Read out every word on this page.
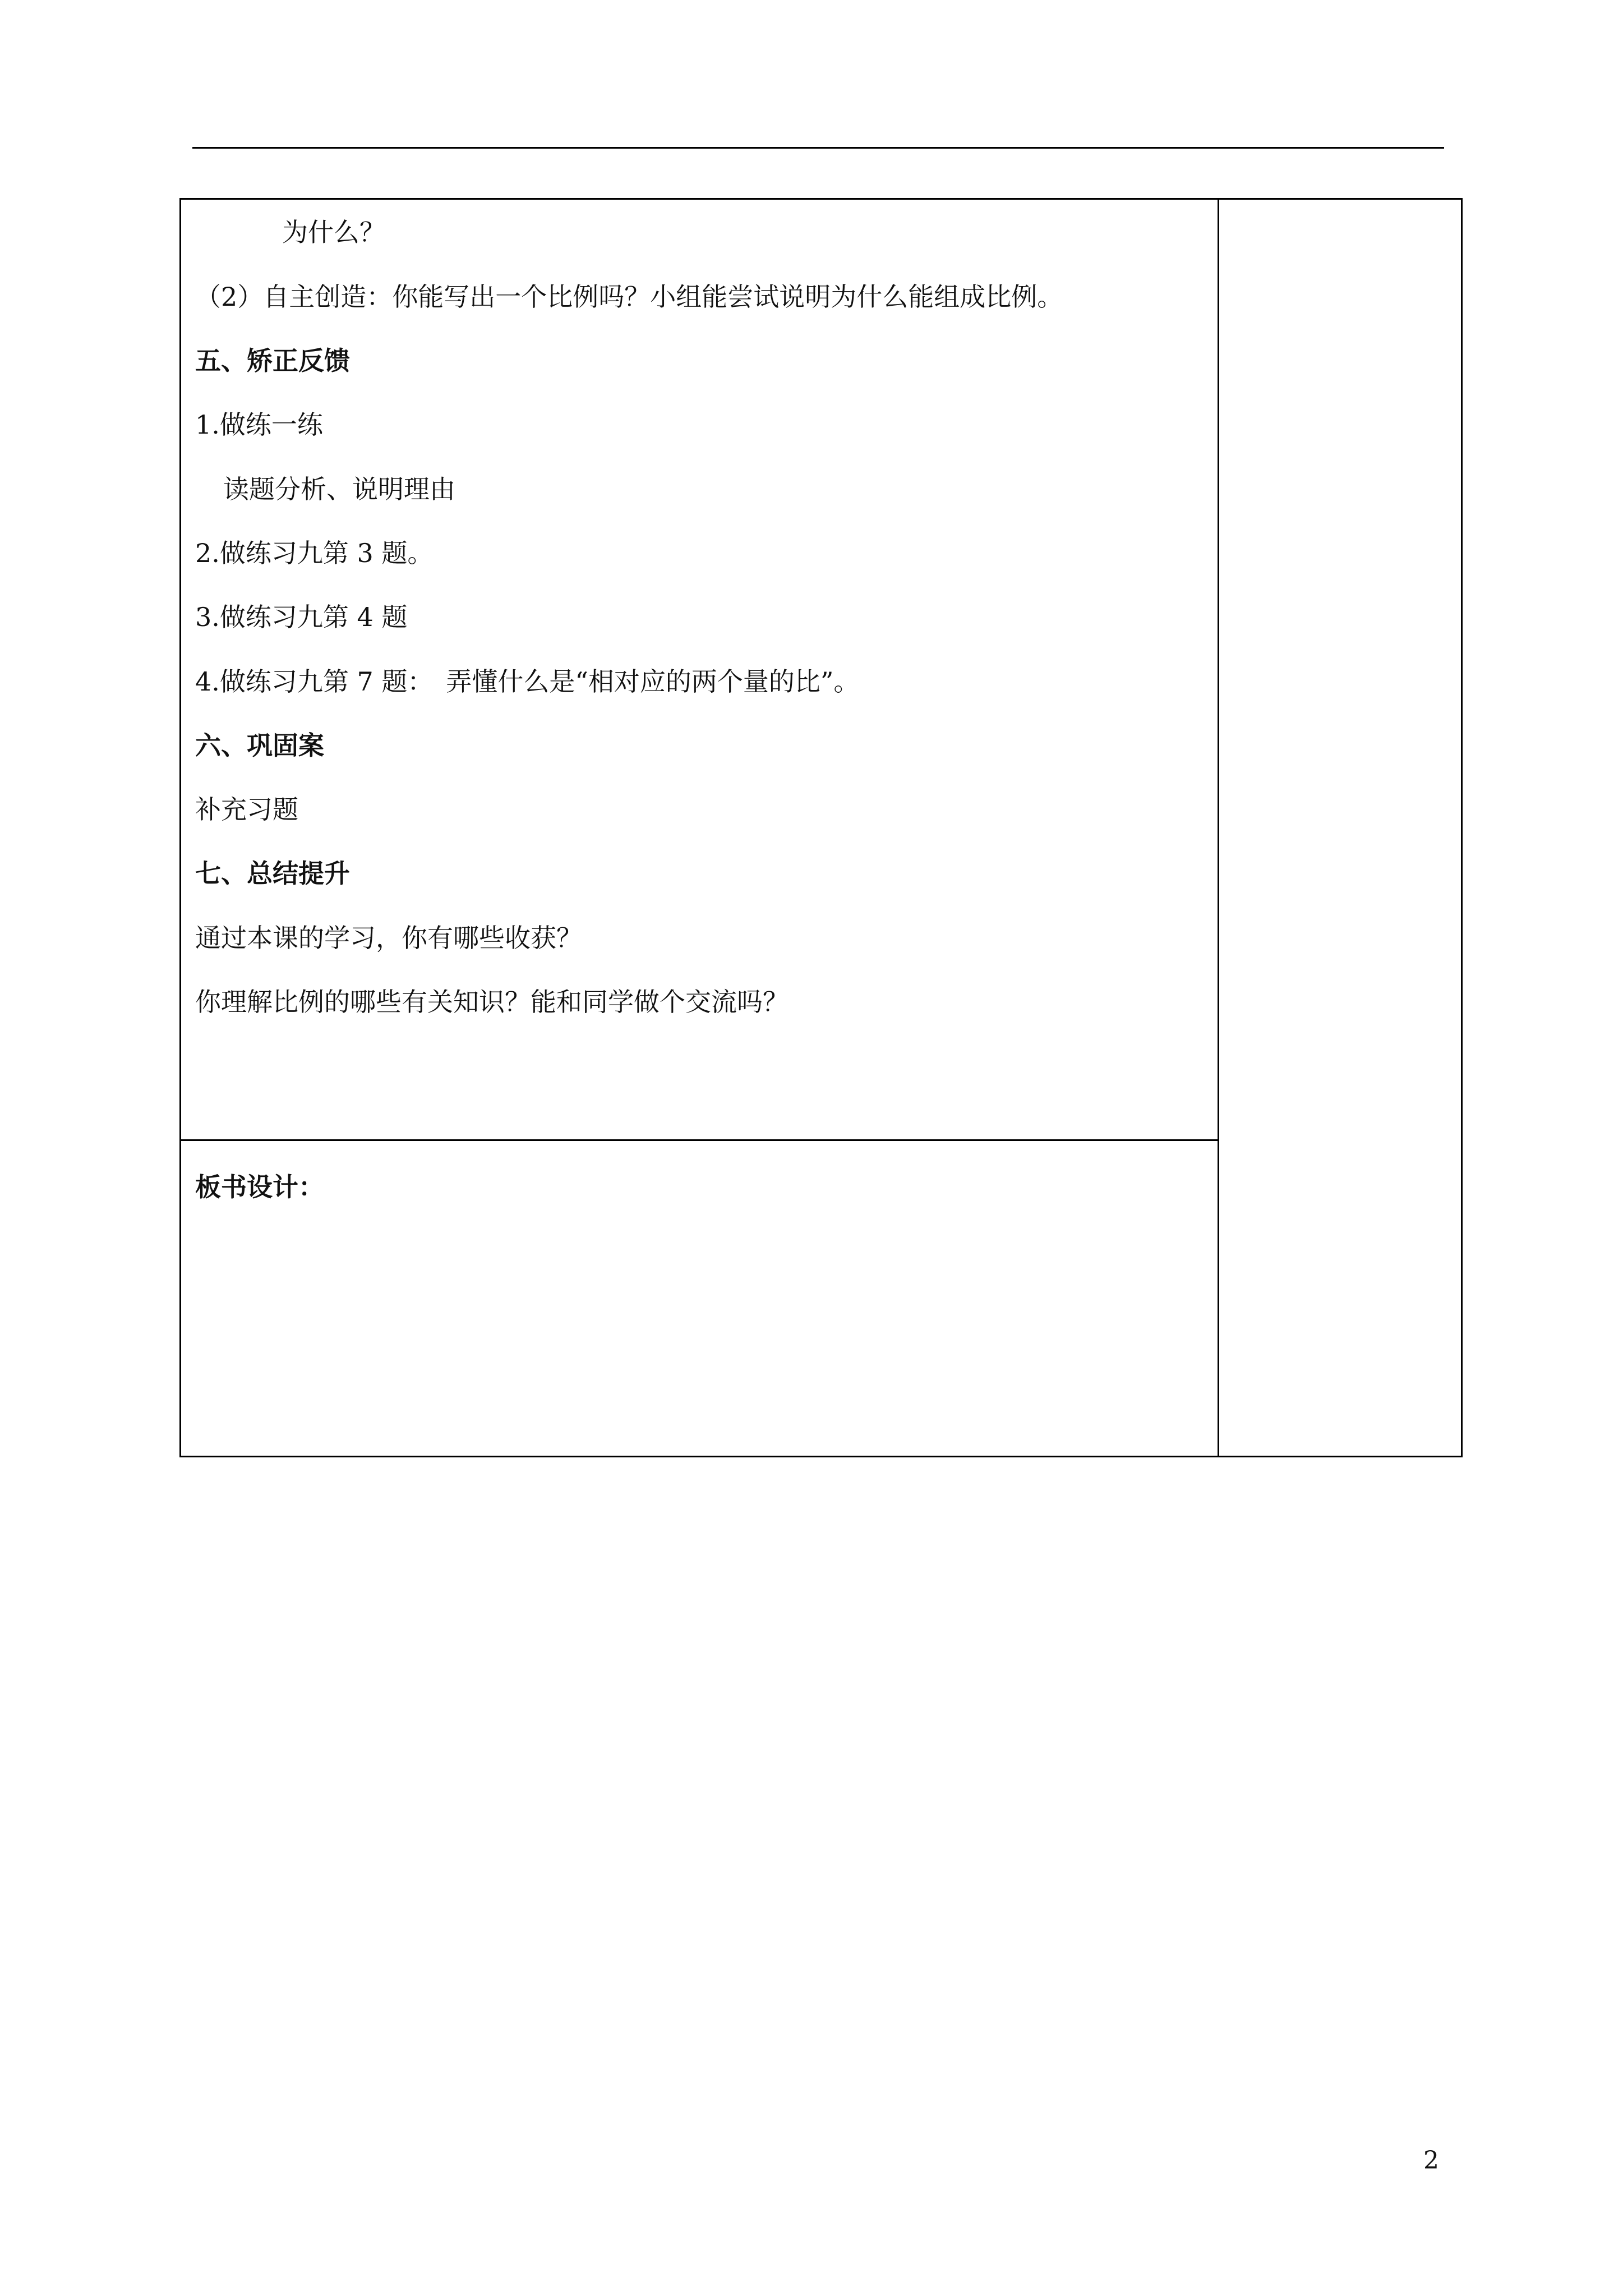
为什么？
（2）自主创造：你能写出一个比例吗？小组能尝试说明为什么能组成比例。
五、矫正反馈
1.做练一练
读题分析、说明理由
2.做练习九第 3 题。
3.做练习九第 4 题
4.做练习九第 7 题：　弄懂什么是“相对应的两个量的比”。
六、巩固案
补充习题
七、总结提升
通过本课的学习，你有哪些收获？
你理解比例的哪些有关知识？能和同学做个交流吗？
板书设计：
2
